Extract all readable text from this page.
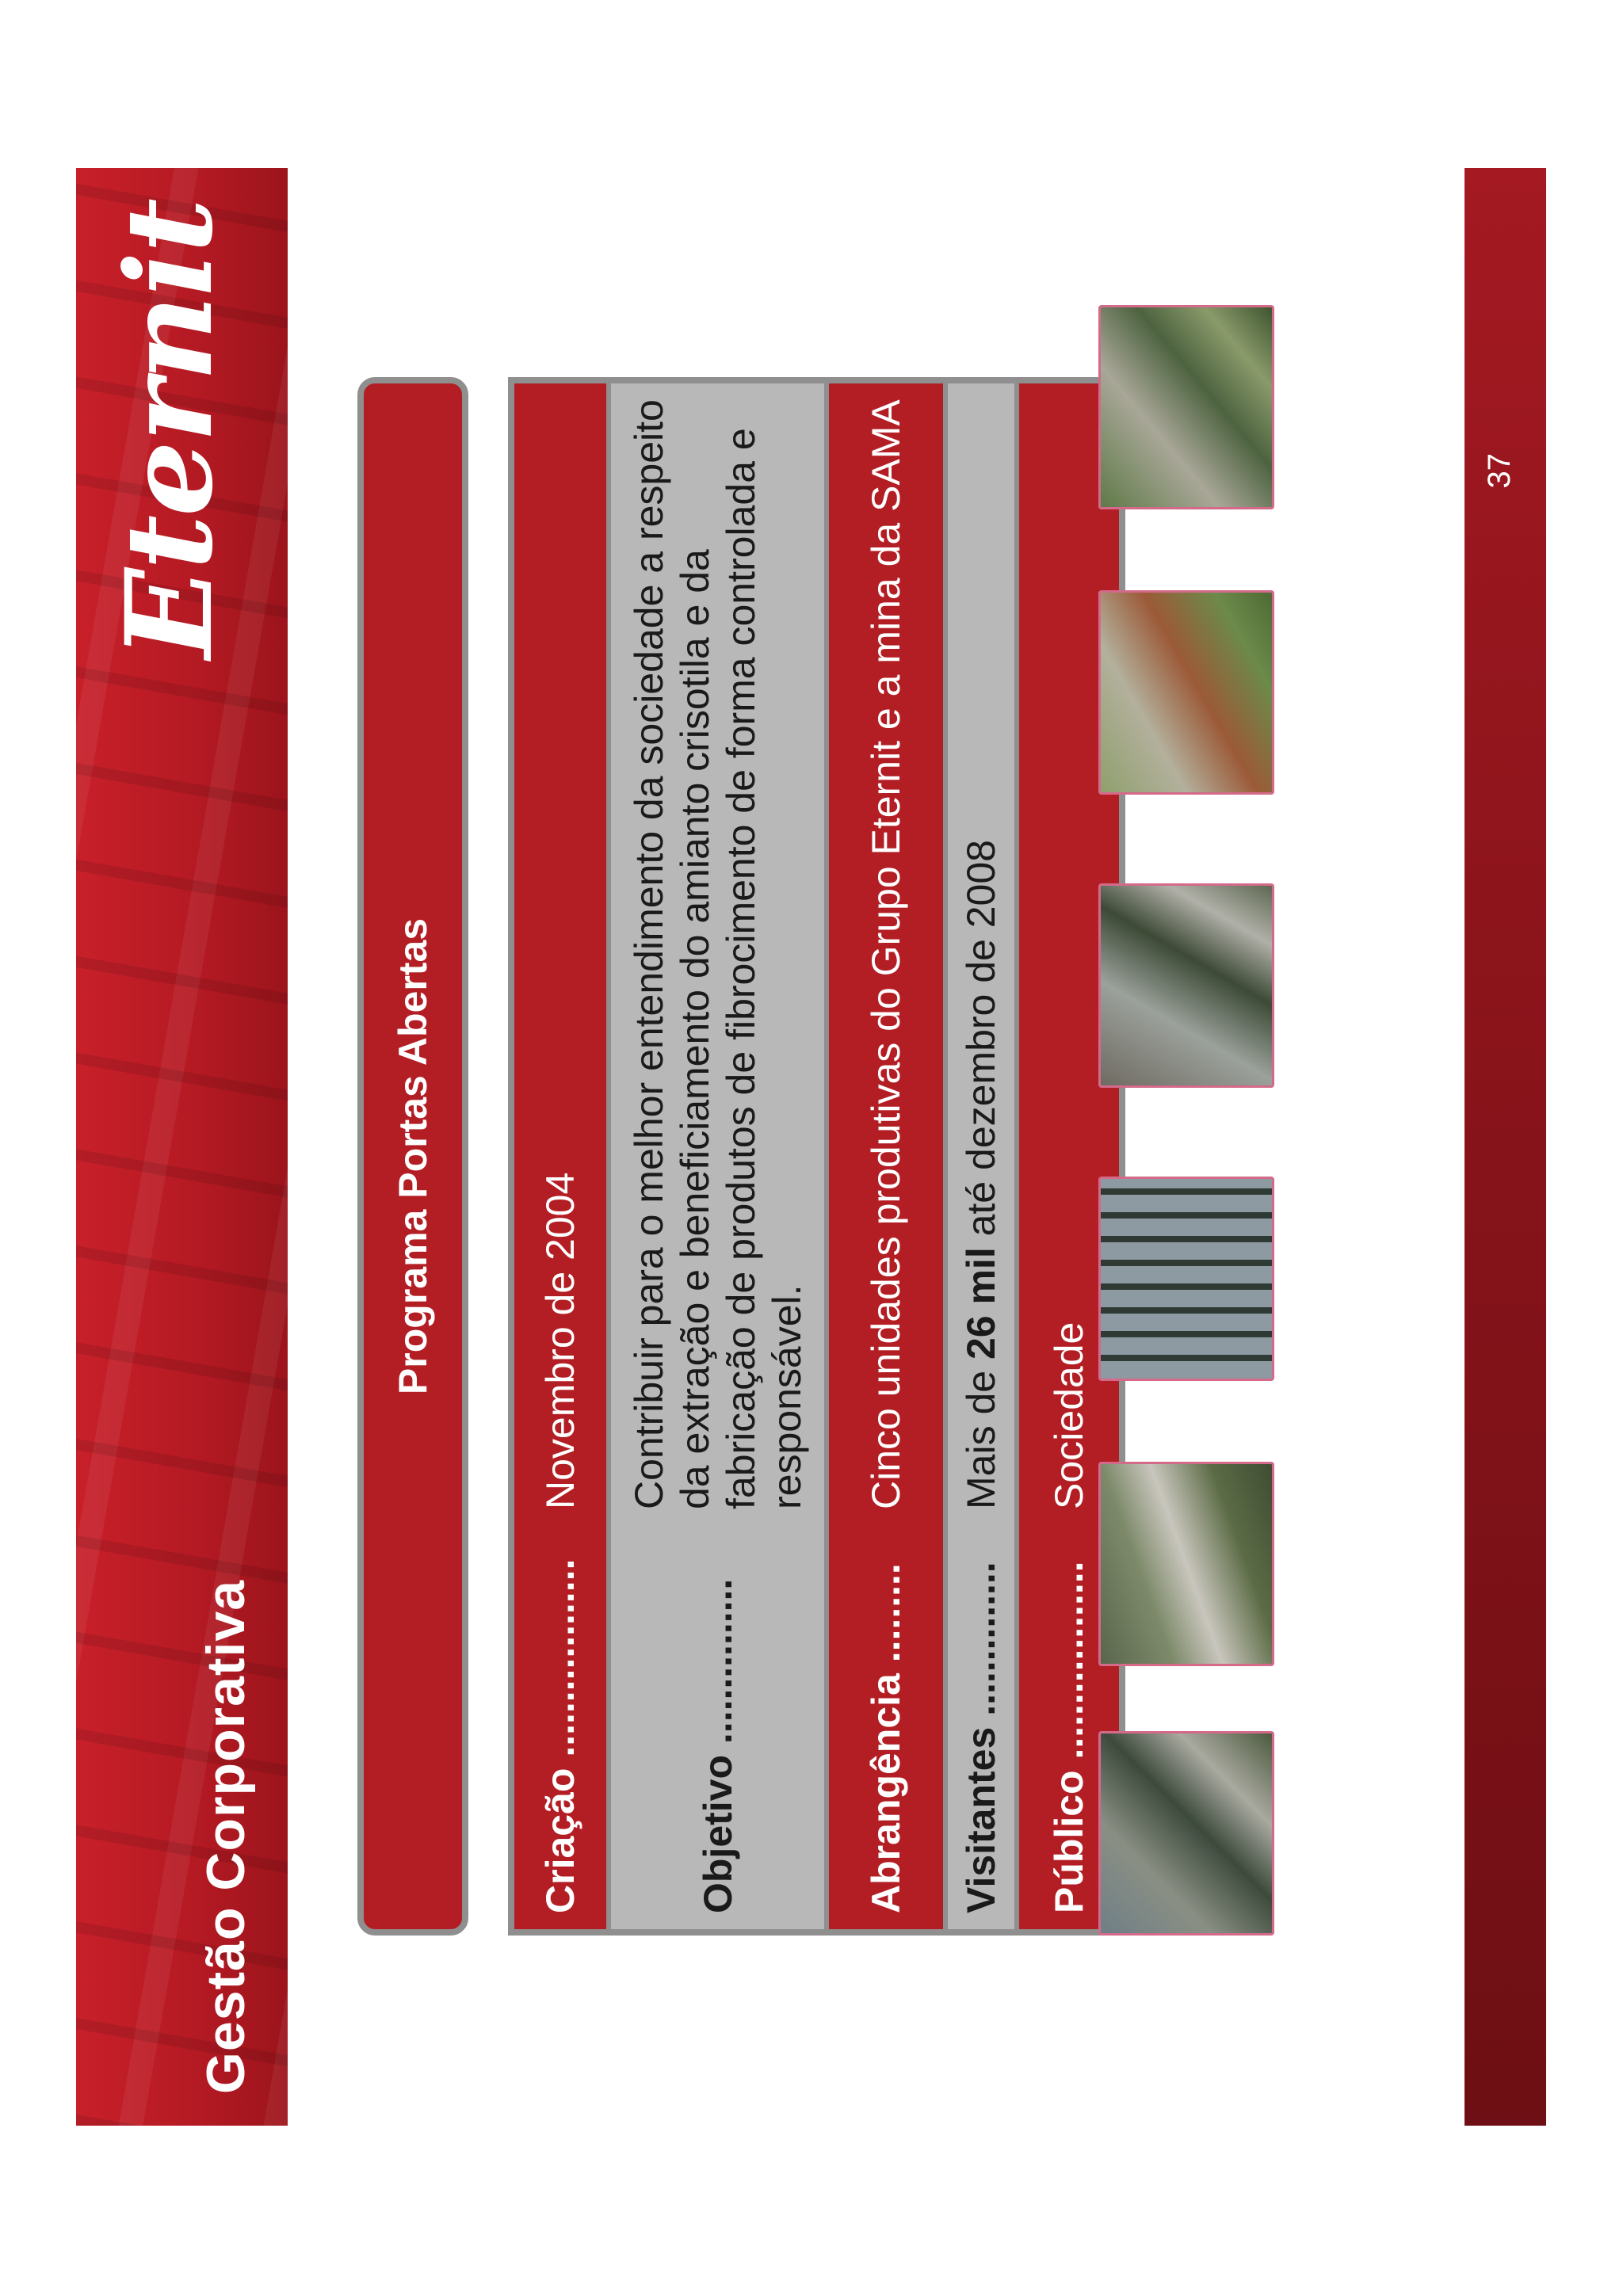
Gestão Corporativa
Eternit
Programa Portas Abertas
Criação ..................
Novembro de 2004
Objetivo ...............
Contribuir para o melhor entendimento da sociedade a respeito da extração e beneficiamento do amianto crisotila e da fabricação de produtos de fibrocimento de forma controlada e responsável.
Abrangência .........
Cinco unidades produtivas do Grupo Eternit e a mina da SAMA
Visitantes ..............
Mais de 26 mil até dezembro de 2008
Público ..................
Sociedade
37
